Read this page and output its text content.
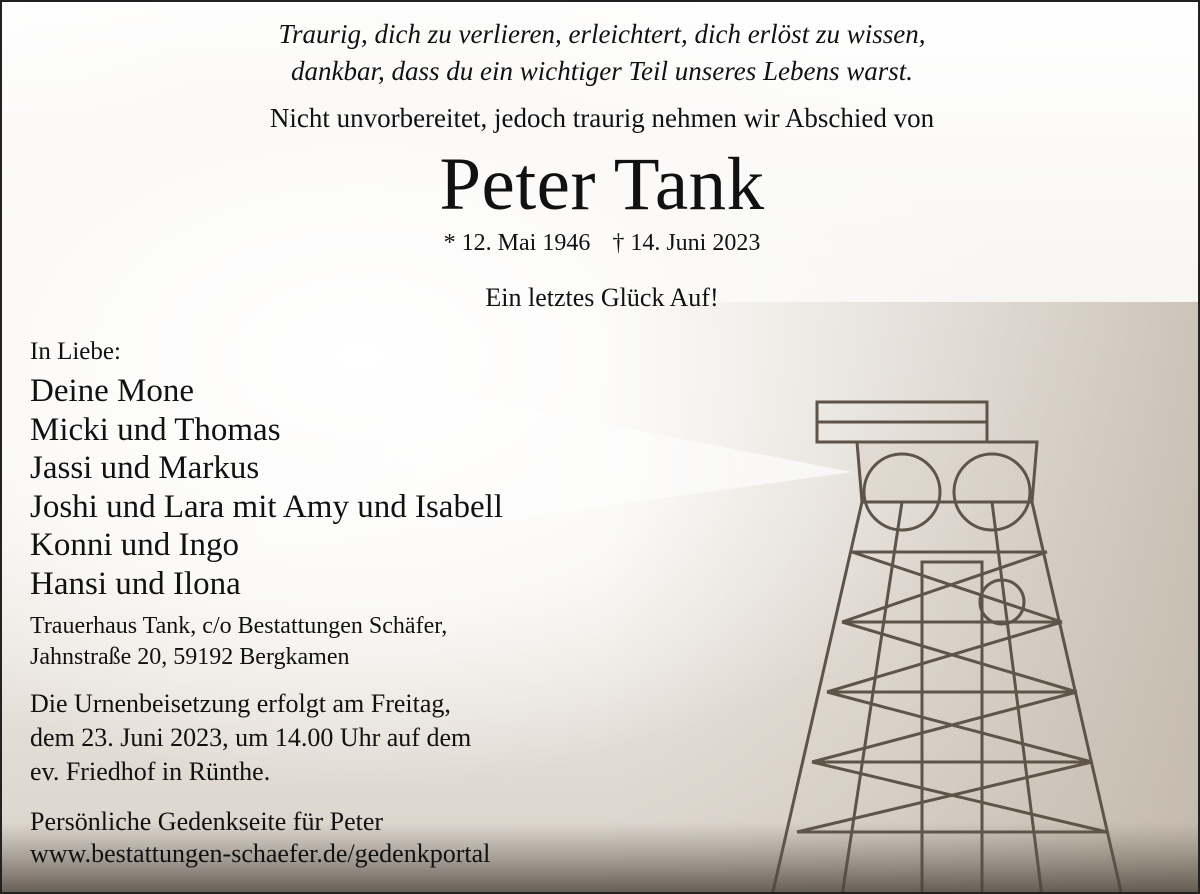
Traurig, dich zu verlieren, erleichtert, dich erlöst zu wissen,
dankbar, dass du ein wichtiger Teil unseres Lebens warst.
Nicht unvorbereitet, jedoch traurig nehmen wir Abschied von
Peter Tank
* 12. Mai 1946 † 14. Juni 2023
Ein letztes Glück Auf!
In Liebe:
Deine Mone
Micki und Thomas
Jassi und Markus
Joshi und Lara mit Amy und Isabell
Konni und Ingo
Hansi und Ilona
Trauerhaus Tank, c/o Bestattungen Schäfer,
Jahnstraße 20, 59192 Bergkamen
Die Urnenbeisetzung erfolgt am Freitag,
dem 23. Juni 2023, um 14.00 Uhr auf dem
ev. Friedhof in Rünthe.
Persönliche Gedenkseite für Peter
www.bestattungen-schaefer.de/gedenkportal
